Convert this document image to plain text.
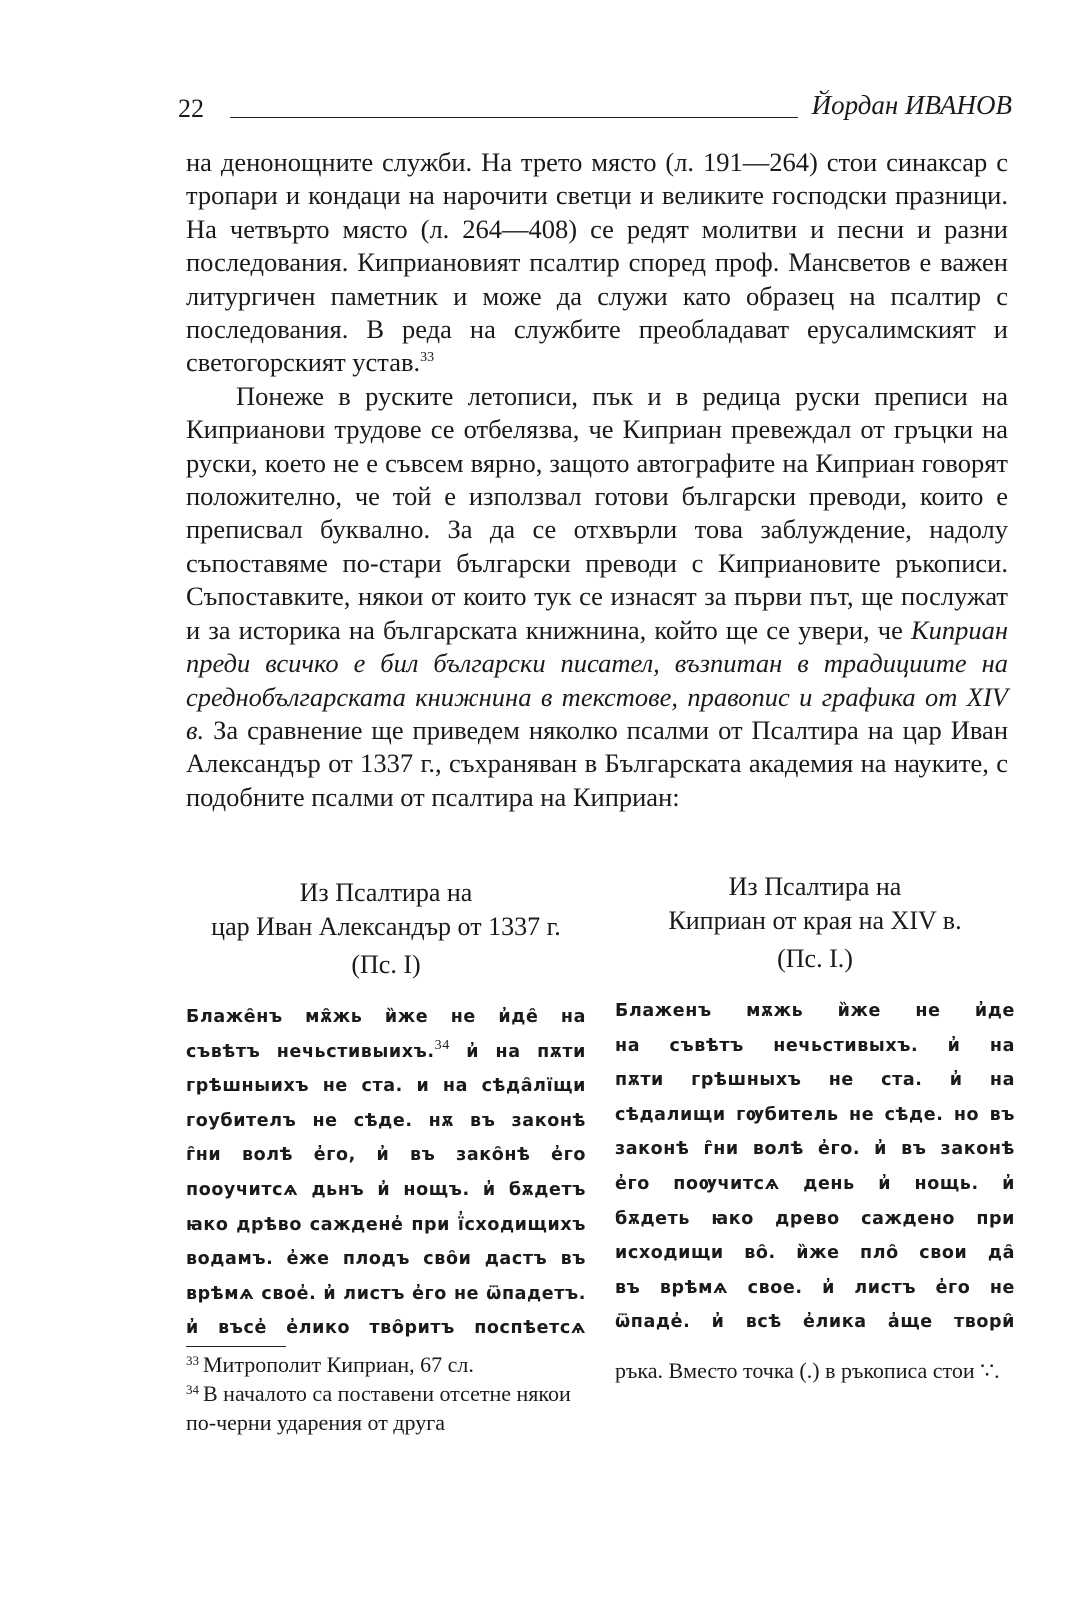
22	Йордан ИВАНОВ

на денонощните служби. На трето място (л. 191—264) стои синаксар с тропари и кондаци на нарочити светци и великите господски празници. На четвърто място (л. 264—408) се редят молитви и песни и разни последования. Киприановият псалтир според проф. Мансветов е важен литургичен паметник и може да служи като образец на псалтир с последования. В реда на службите преобладават ерусалимският и светогорският устав.$^{33}$

Понеже в руските летописи, пък и в редица руски преписи на Киприанови трудове се отбелязва, че Киприан превеждал от гръцки на руски, което не е съвсем вярно, защото автографите на Киприан говорят положително, че той е използвал готови български преводи, които е преписвал буквално. За да се отхвърли това заблуждение, надолу съпоставяме по-стари български преводи с Киприановите ръкописи. Съпоставките, някои от които тук се изнасят за първи път, ще послужат и за историка на българската книжнина, който ще се увери, че Киприан преди всичко е бил български писател, възпитан в традициите на среднобългарската книжнина в текстове, правопис и графика от XIV в. За сравнение ще приведем няколко псалми от Псалтира на цар Иван Александър от 1337 г., съхраняван в Българската академия на науките, с подобните псалми от псалтира на Киприан:

Из Псалтира на

цар Иван Александър от 1337 г.

(Пс. I)

Блаже̑нъ мѫ̑жь и̏же не и̓де̑ на
съвѣтъ нечьстивыихъ.$^{34}$ и̓ на пѫти
грѣшныихъ не ста. и на сѣда̑лїщи
гоубителъ не сѣде. нѫ въ законѣ
г̑ни волѣ е̓го, и̓ въ зако̑нѣ е̓го
пооучитсѧ дьнъ и̓ нощъ. и̓ бѫдетъ
ꙗко дрѣво саждене̓ при ї̓сходищихъ
водамъ. е̓же плодъ сво̑и дастъ въ
врѣмѧ свое̓. и̓ листъ е̓го не ѿпадетъ.
и̓ въсе̓ е̓лико тво̑ритъ поспѣетсѧ

Из Псалтира на

Киприан от края на XIV в.

(Пс. I.)

Блаженъ мѫжь и̏же не и̓де
на съвѣтъ нечьстивыхъ. и̓ на
пѫти грѣшныхъ не ста. и̓ на
сѣдалищи гѹбитель не сѣде. но въ
законѣ г̑ни волѣ е̓го. и̓ въ законѣ
е̓го поѹчитсѧ день и̓ нощь. и̓
бѫдеть ꙗко древо саждено при
исходищи во̑. и̏же пло̑ свои да̑
въ врѣмѧ свое. и̓ листъ е̓го не
ѿпаде̓. и̓ всѣ е̓лика а̓ще твори̑

$^{33}$ Митрополит Киприан, 67 сл.

$^{34}$ В началото са поставени отсетне някои по-черни ударения от друга

ръка. Вместо точка (.) в ръкописа стои ∵.
